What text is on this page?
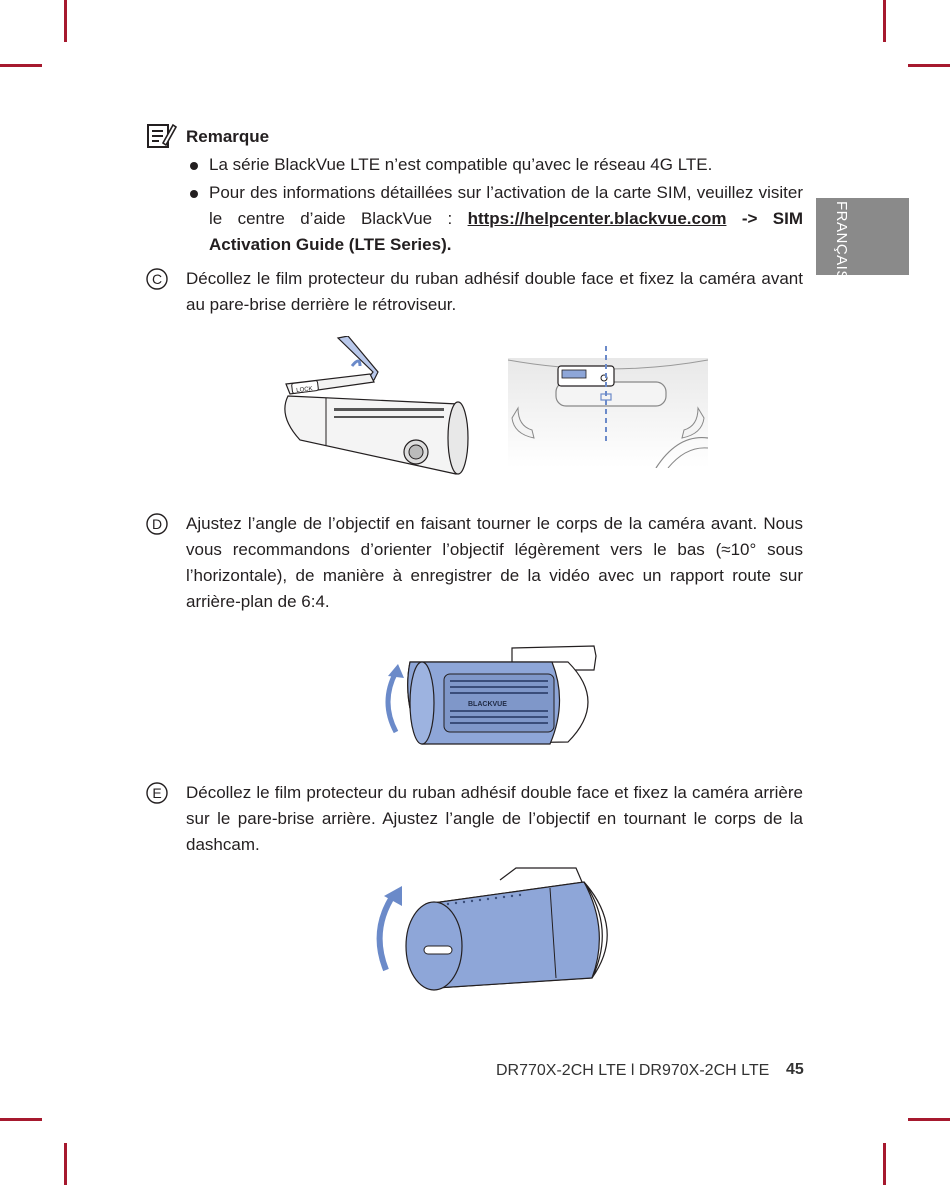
FRANÇAIS
Remarque
La série BlackVue LTE n’est compatible qu’avec le réseau 4G LTE.
Pour des informations détaillées sur l’activation de la carte SIM, veuillez visiter le centre d’aide BlackVue : https://helpcenter.blackvue.com -> SIM Activation Guide (LTE Series).
C Décollez le film protecteur du ruban adhésif double face et fixez la caméra avant au pare-brise derrière le rétroviseur.
LOCK
D Ajustez l’angle de l’objectif en faisant tourner le corps de la caméra avant. Nous vous recommandons d’orienter l’objectif légèrement vers le bas (≈10° sous l’horizontale), de manière à enregistrer de la vidéo avec un rapport route sur arrière-plan de 6:4.
BLACKVUE
E Décollez le film protecteur du ruban adhésif double face et fixez la caméra arrière sur le pare-brise arrière. Ajustez l’angle de l’objectif en tournant le corps de la dashcam.
DR770X-2CH LTE l DR970X-2CH LTE 45
